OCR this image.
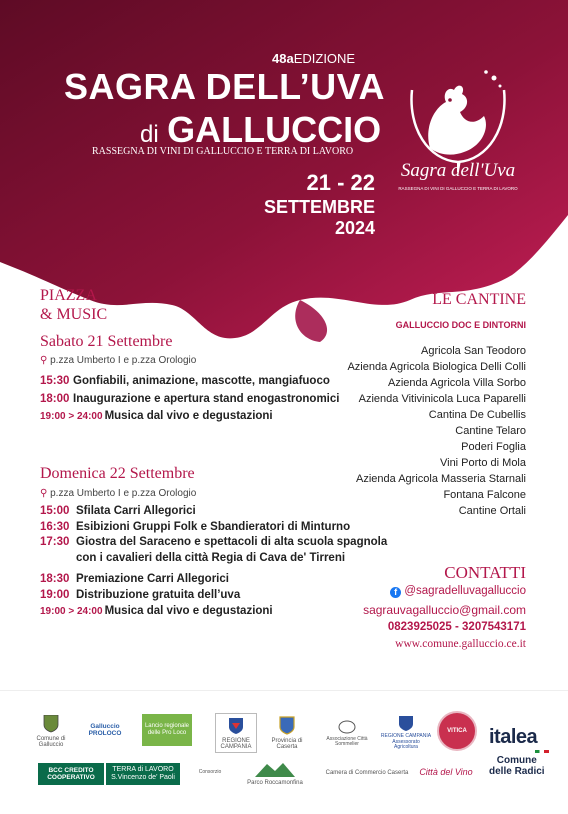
48aEDIZIONE
SAGRA DELL’UVA
di GALLUCCIO
RASSEGNA DI VINI DI GALLUCCIO E TERRA DI LAVORO
21 - 22
SETTEMBRE
2024
Sagra dell'Uva
RASSEGNA DI VINI DI GALLUCCIO E TERRA DI LAVORO
PIAZZA
& MUSIC
Sabato 21 Settembre
⚲ p.zza Umberto I e p.zza Orologio
15:30 Gonfiabili, animazione, mascotte, mangiafuoco
18:00 Inaugurazione e apertura stand enogastronomici
19:00 > 24:00 Musica dal vivo e degustazioni
Domenica 22 Settembre
⚲ p.zza Umberto I e p.zza Orologio
15:00 Sfilata Carri Allegorici
16:30 Esibizioni Gruppi Folk e Sbandieratori di Minturno
17:30 Giostra del Saraceno e spettacoli di alta scuola spagnola
con i cavalieri della città Regia di Cava de' Tirreni
18:30 Premiazione Carri Allegorici
19:00 Distribuzione gratuita dell’uva
19:00 > 24:00 Musica dal vivo e degustazioni
LE CANTINE
GALLUCCIO DOC E DINTORNI
Agricola San Teodoro
Azienda Agricola Biologica Delli Colli
Azienda Agricola Villa Sorbo
Azienda Vitivinicola Luca Paparelli
Cantina De Cubellis
Cantine Telaro
Poderi Foglia
Vini Porto di Mola
Azienda Agricola Masseria Starnali
Fontana Falcone
Cantine Ortali
CONTATTI
f @sagradelluvagalluccio
sagrauvagalluccio@gmail.com
0823925025 - 3207543171
www.comune.galluccio.ce.it
Comune di Galluccio
Galluccio PROLOCO
Lancio regionale delle Pro Loco
REGIONE CAMPANIA
Provincia di Caserta
Associazione Città Sommelier
REGIONE CAMPANIA Assessorato Agricoltura
VITICA	italea
Comune
delle Radici
BCC CREDITO COOPERATIVO
TERRA di LAVORO S.Vincenzo de' Paoli
Consorzio
Parco Roccamonfina
Camera di Commercio Caserta	Città del Vino
